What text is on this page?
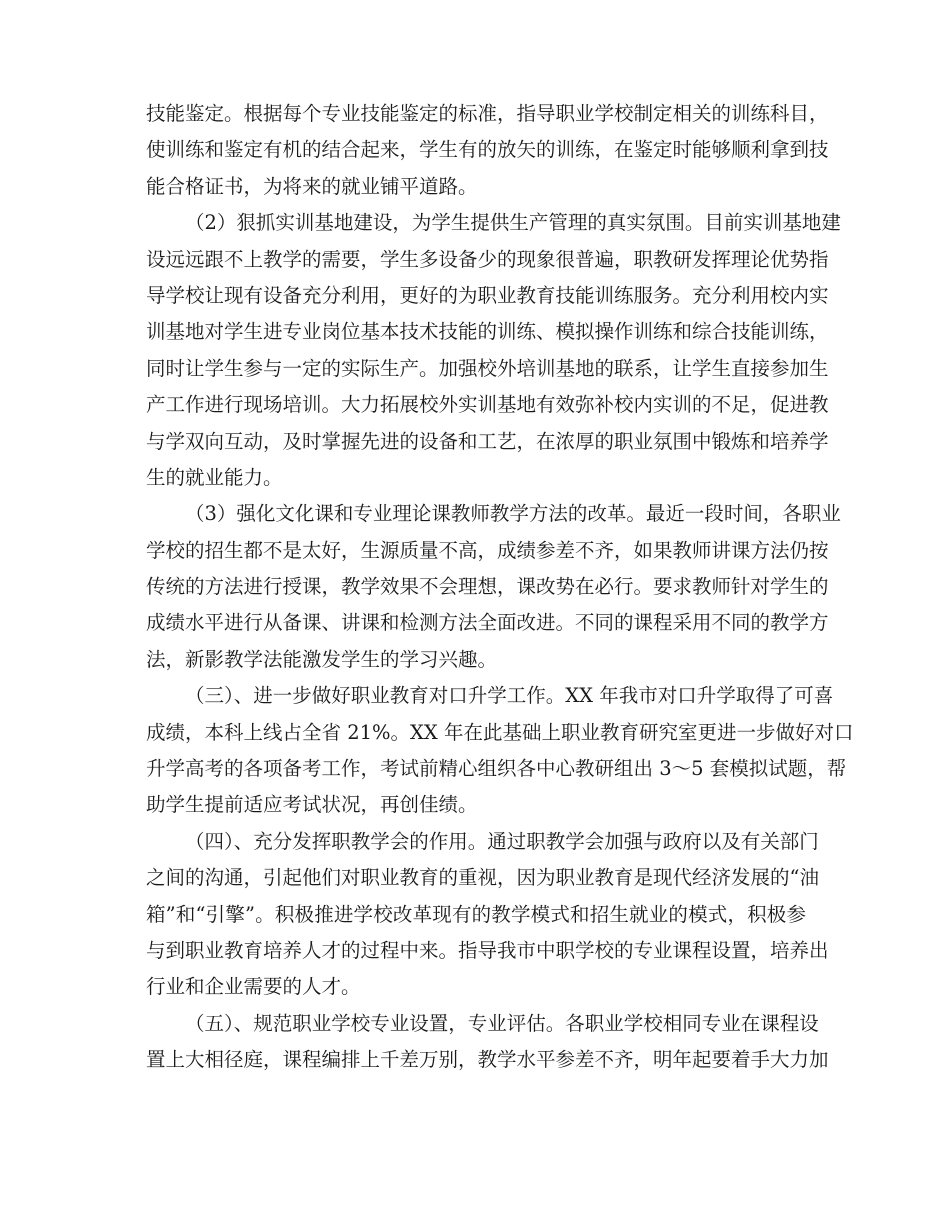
技能鉴定。根据每个专业技能鉴定的标准，指导职业学校制定相关的训练科目，
使训练和鉴定有机的结合起来，学生有的放矢的训练，在鉴定时能够顺利拿到技
能合格证书，为将来的就业铺平道路。
（2）狠抓实训基地建设，为学生提供生产管理的真实氛围。目前实训基地建
设远远跟不上教学的需要，学生多设备少的现象很普遍，职教研发挥理论优势指
导学校让现有设备充分利用，更好的为职业教育技能训练服务。充分利用校内实
训基地对学生进专业岗位基本技术技能的训练、模拟操作训练和综合技能训练，
同时让学生参与一定的实际生产。加强校外培训基地的联系，让学生直接参加生
产工作进行现场培训。大力拓展校外实训基地有效弥补校内实训的不足，促进教
与学双向互动，及时掌握先进的设备和工艺，在浓厚的职业氛围中锻炼和培养学
生的就业能力。
（3）强化文化课和专业理论课教师教学方法的改革。最近一段时间，各职业
学校的招生都不是太好，生源质量不高，成绩参差不齐，如果教师讲课方法仍按
传统的方法进行授课，教学效果不会理想，课改势在必行。要求教师针对学生的
成绩水平进行从备课、讲课和检测方法全面改进。不同的课程采用不同的教学方
法，新影教学法能激发学生的学习兴趣。
（三）、进一步做好职业教育对口升学工作。XX 年我市对口升学取得了可喜
成绩，本科上线占全省 21%。XX 年在此基础上职业教育研究室更进一步做好对口
升学高考的各项备考工作，考试前精心组织各中心教研组出 3～5 套模拟试题，帮
助学生提前适应考试状况，再创佳绩。
（四）、充分发挥职教学会的作用。通过职教学会加强与政府以及有关部门
之间的沟通，引起他们对职业教育的重视，因为职业教育是现代经济发展的“油
箱”和“引擎”。积极推进学校改革现有的教学模式和招生就业的模式，积极参
与到职业教育培养人才的过程中来。指导我市中职学校的专业课程设置，培养出
行业和企业需要的人才。
（五）、规范职业学校专业设置，专业评估。各职业学校相同专业在课程设
置上大相径庭，课程编排上千差万别，教学水平参差不齐，明年起要着手大力加
